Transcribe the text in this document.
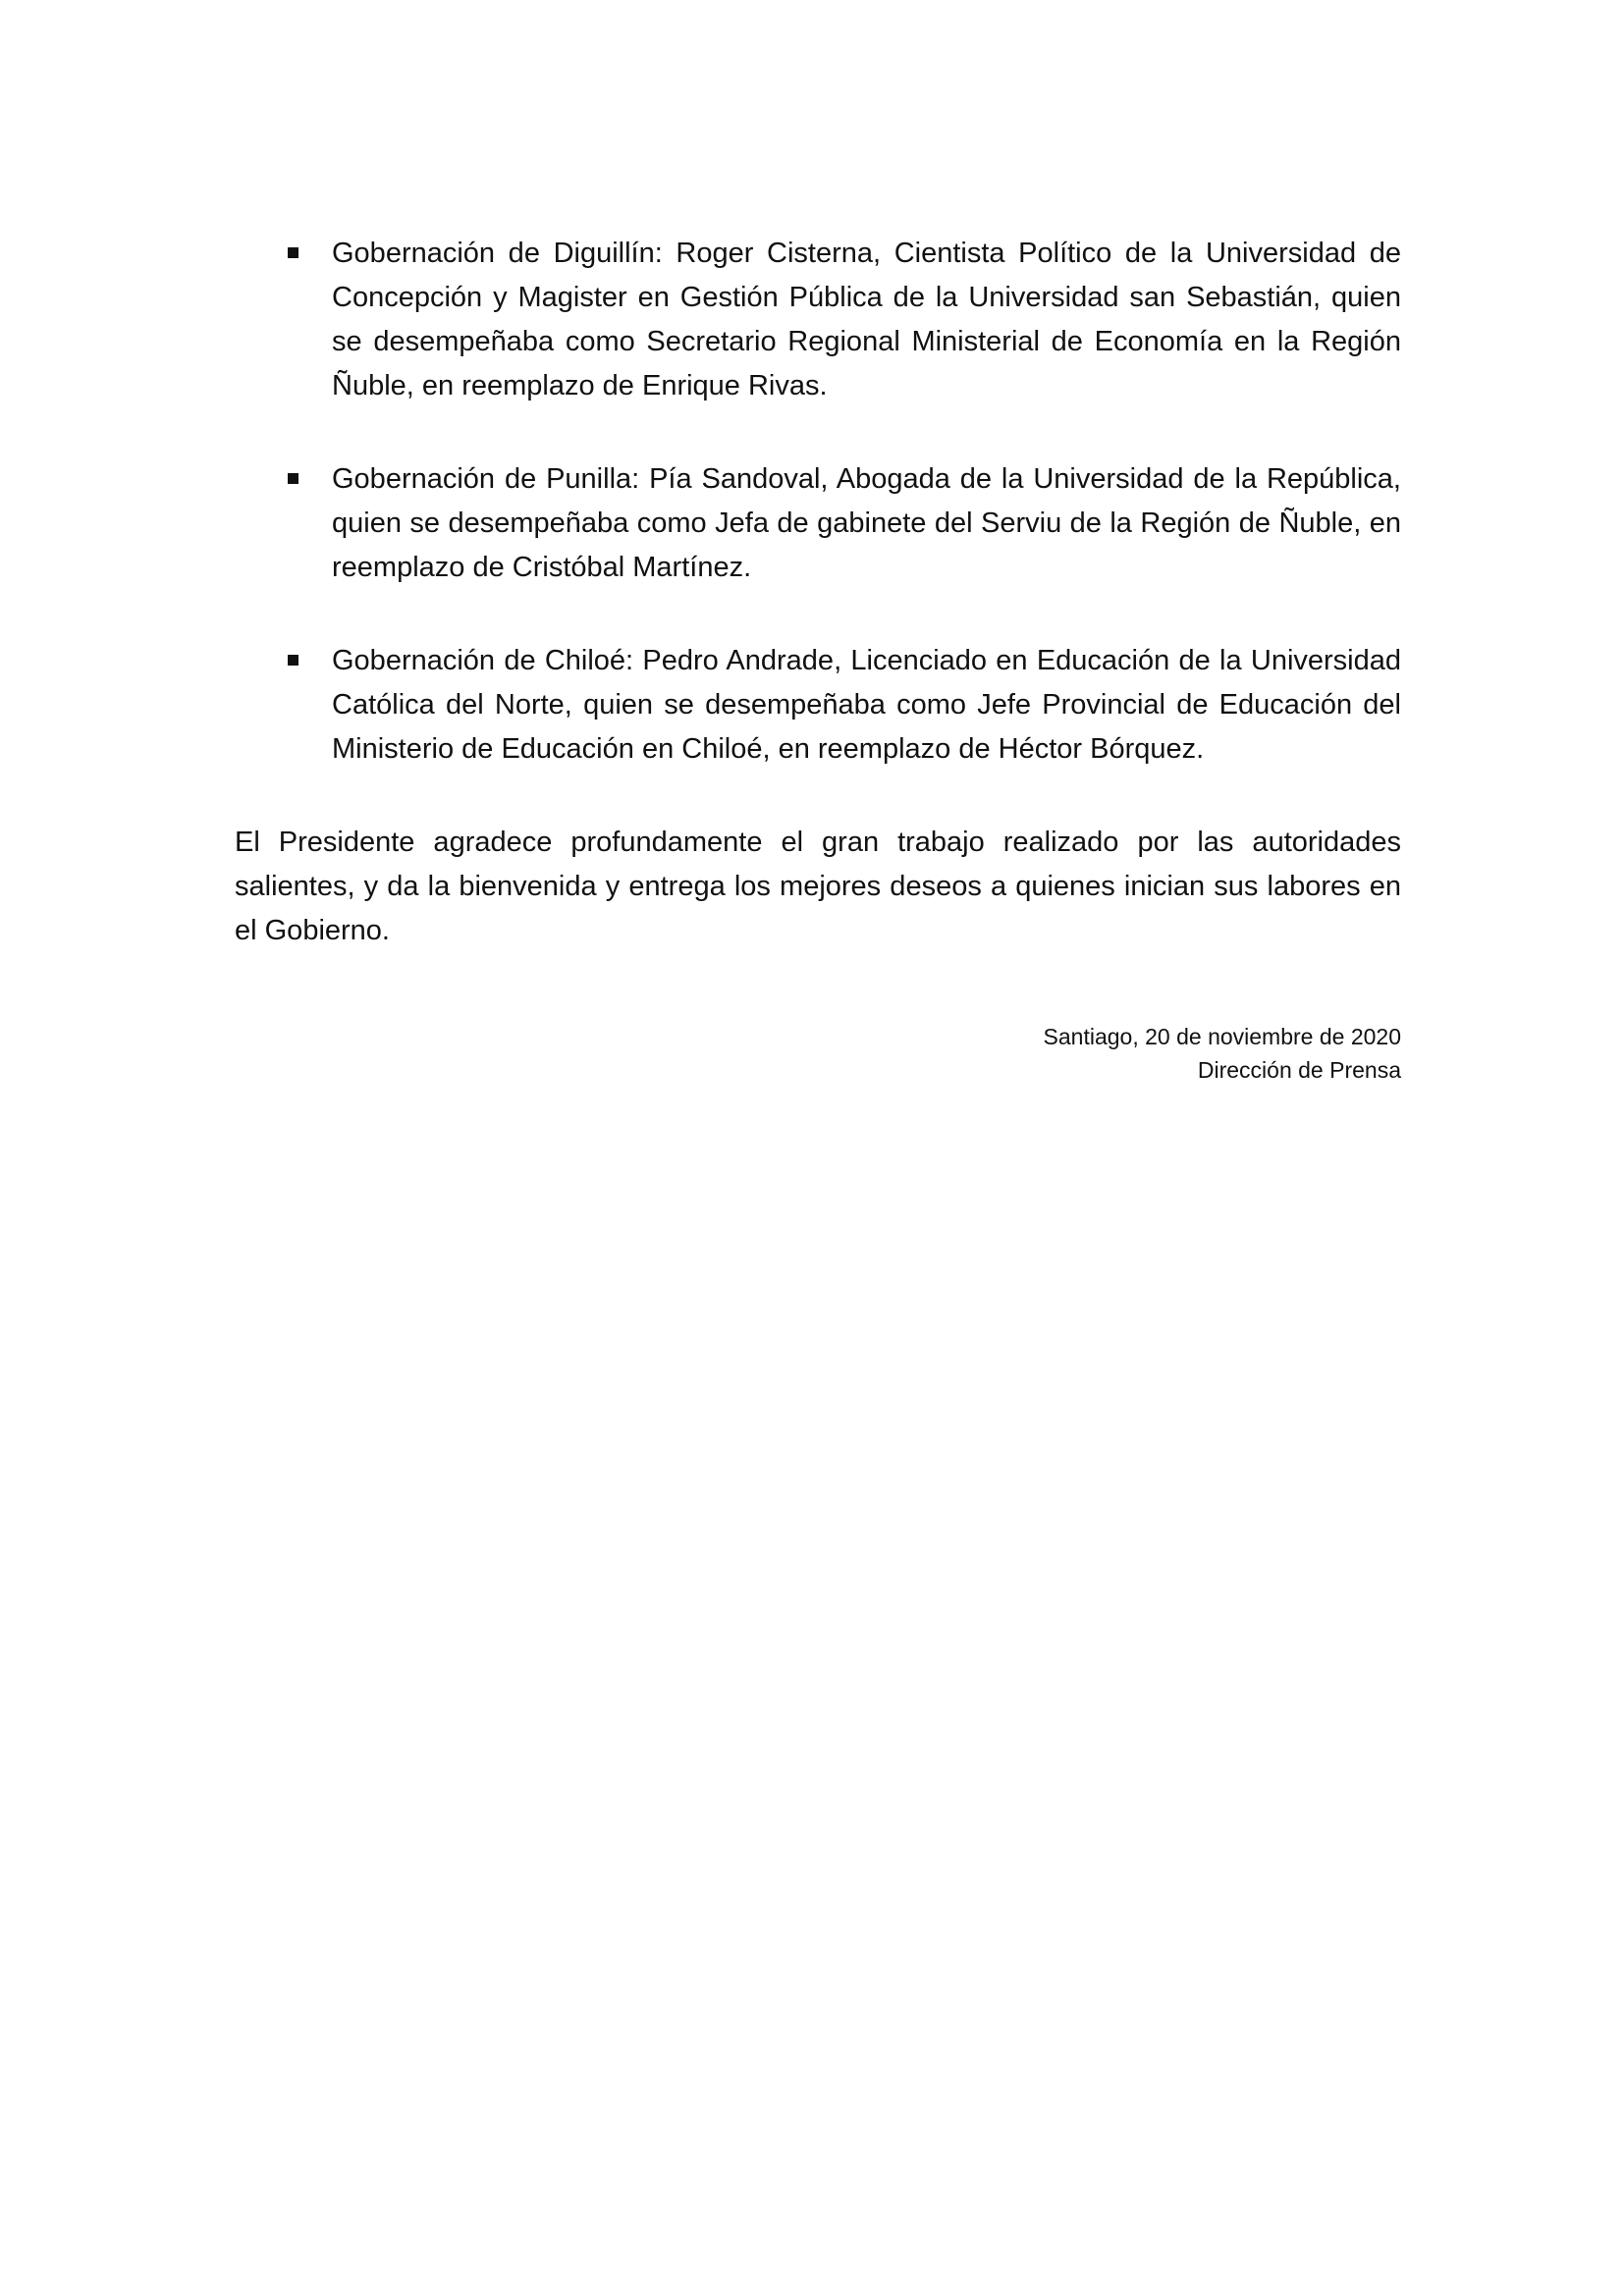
Gobernación de Diguillín: Roger Cisterna, Cientista Político de la Universidad de Concepción y Magister en Gestión Pública de la Universidad san Sebastián, quien se desempeñaba como Secretario Regional Ministerial de Economía en la Región Ñuble, en reemplazo de Enrique Rivas.
Gobernación de Punilla: Pía Sandoval, Abogada de la Universidad de la República, quien se desempeñaba como Jefa de gabinete del Serviu de la Región de Ñuble, en reemplazo de Cristóbal Martínez.
Gobernación de Chiloé: Pedro Andrade, Licenciado en Educación de la Universidad Católica del Norte, quien se desempeñaba como Jefe Provincial de Educación del Ministerio de Educación en Chiloé, en reemplazo de Héctor Bórquez.

El Presidente agradece profundamente el gran trabajo realizado por las autoridades salientes, y da la bienvenida y entrega los mejores deseos a quienes inician sus labores en el Gobierno.

Santiago, 20 de noviembre de 2020
Dirección de Prensa
